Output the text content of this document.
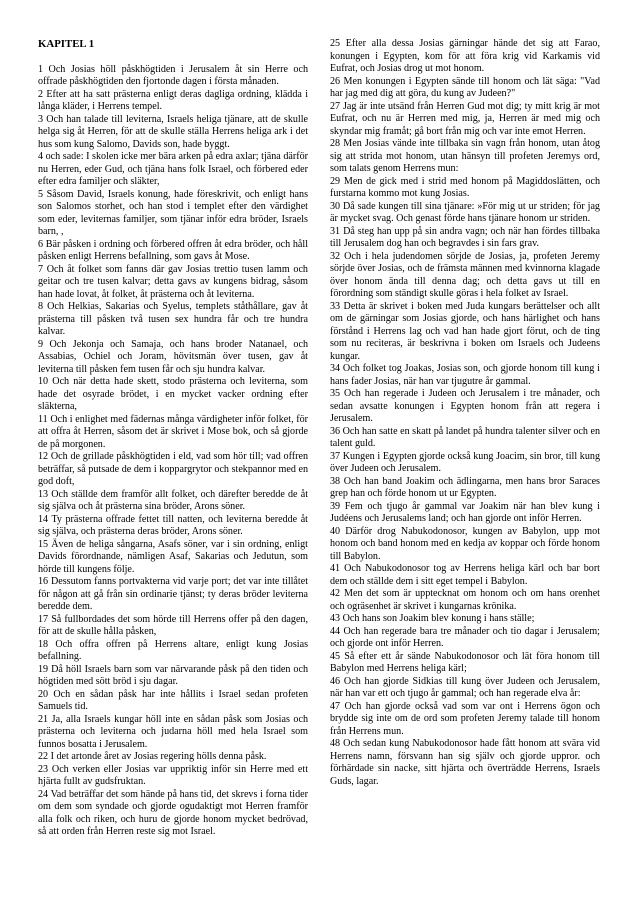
KAPITEL 1

1 Och Josias höll påskhögtiden i Jerusalem åt sin Herre och offrade påskhögtiden den fjortonde dagen i första månaden.

2 Efter att ha satt prästerna enligt deras dagliga ordning, klädda i långa kläder, i Herrens tempel.

3 Och han talade till leviterna, Israels heliga tjänare, att de skulle helga sig åt Herren, för att de skulle ställa Herrens heliga ark i det hus som kung Salomo, Davids son, hade byggt.

4 och sade: I skolen icke mer bära arken på edra axlar; tjäna därför nu Herren, eder Gud, och tjäna hans folk Israel, och förbered eder efter edra familjer och släkter,

5 Såsom David, Israels konung, hade föreskrivit, och enligt hans son Salomos storhet, och han stod i templet efter den värdighet som eder, leviternas familjer, som tjänar inför edra bröder, Israels barn, ,

6 Bär påsken i ordning och förbered offren åt edra bröder, och håll påsken enligt Herrens befallning, som gavs åt Mose.

7 Och åt folket som fanns där gav Josias trettio tusen lamm och geitar och tre tusen kalvar; detta gavs av kungens bidrag, såsom han hade lovat, åt folket, åt prästerna och åt leviterna.

8 Och Helkias, Sakarias och Syelus, templets ståthållare, gav åt prästerna till påsken två tusen sex hundra får och tre hundra kalvar.

9 Och Jekonja och Samaja, och hans broder Natanael, och Assabias, Ochiel och Joram, hövitsmän över tusen, gav åt leviterna till påsken fem tusen får och sju hundra kalvar.

10 Och när detta hade skett, stodo prästerna och leviterna, som hade det osyrade brödet, i en mycket vacker ordning efter släkterna,

11 Och i enlighet med fädernas många värdigheter inför folket, för att offra åt Herren, såsom det är skrivet i Mose bok, och så gjorde de på morgonen.

12 Och de grillade påskhögtiden i eld, vad som hör till; vad offren beträffar, så putsade de dem i koppargrytor och stekpannor med en god doft,

13 Och ställde dem framför allt folket, och därefter beredde de åt sig själva och åt prästerna sina bröder, Arons söner.

14 Ty prästerna offrade fettet till natten, och leviterna beredde åt sig själva, och prästerna deras bröder, Arons söner.

15 Även de heliga sångarna, Asafs söner, var i sin ordning, enligt Davids förordnande, nämligen Asaf, Sakarias och Jedutun, som hörde till kungens följe.

16 Dessutom fanns portvakterna vid varje port; det var inte tillåtet för någon att gå från sin ordinarie tjänst; ty deras bröder leviterna beredde dem.

17 Så fullbordades det som hörde till Herrens offer på den dagen, för att de skulle hålla påsken,

18 Och offra offren på Herrens altare, enligt kung Josias befallning.

19 Då höll Israels barn som var närvarande påsk på den tiden och högtiden med sött bröd i sju dagar.

20 Och en sådan påsk har inte hållits i Israel sedan profeten Samuels tid.

21 Ja, alla Israels kungar höll inte en sådan påsk som Josias och prästerna och leviterna och judarna höll med hela Israel som funnos bosatta i Jerusalem.

22 I det artonde året av Josias regering hölls denna påsk.

23 Och verken eller Josias var uppriktig inför sin Herre med ett hjärta fullt av gudsfruktan.

24 Vad beträffar det som hände på hans tid, det skrevs i forna tider om dem som syndade och gjorde ogudaktigt mot Herren framför alla folk och riken, och huru de gjorde honom mycket bedrövad, så att orden från Herren reste sig mot Israel.

25 Efter alla dessa Josias gärningar hände det sig att Farao, konungen i Egypten, kom för att föra krig vid Karkamis vid Eufrat, och Josias drog ut mot honom.

26 Men konungen i Egypten sände till honom och lät säga: "Vad har jag med dig att göra, du kung av Judeen?"

27 Jag är inte utsänd från Herren Gud mot dig; ty mitt krig är mot Eufrat, och nu är Herren med mig, ja, Herren är med mig och skyndar mig framåt; gå bort från mig och var inte emot Herren.

28 Men Josias vände inte tillbaka sin vagn från honom, utan åtog sig att strida mot honom, utan hänsyn till profeten Jeremys ord, som talats genom Herrens mun:

29 Men de gick med i strid med honom på Magiddoslätten, och furstarna kommo mot kung Josias.

30 Då sade kungen till sina tjänare: »För mig ut ur striden; för jag är mycket svag. Och genast förde hans tjänare honom ur striden.

31 Då steg han upp på sin andra vagn; och när han fördes tillbaka till Jerusalem dog han och begravdes i sin fars grav.

32 Och i hela judendomen sörjde de Josias, ja, profeten Jeremy sörjde över Josias, och de främsta männen med kvinnorna klagade över honom ända till denna dag; och detta gavs ut till en förordning som ständigt skulle göras i hela folket av Israel.

33 Detta är skrivet i boken med Juda kungars berättelser och allt om de gärningar som Josias gjorde, och hans härlighet och hans förstånd i Herrens lag och vad han hade gjort förut, och de ting som nu reciteras, är beskrivna i boken om Israels och Judeens kungar.

34 Och folket tog Joakas, Josias son, och gjorde honom till kung i hans fader Josias, när han var tjugutre år gammal.

35 Och han regerade i Judeen och Jerusalem i tre månader, och sedan avsatte konungen i Egypten honom från att regera i Jerusalem.

36 Och han satte en skatt på landet på hundra talenter silver och en talent guld.

37 Kungen i Egypten gjorde också kung Joacim, sin bror, till kung över Judeen och Jerusalem.

38 Och han band Joakim och ädlingarna, men hans bror Saraces grep han och förde honom ut ur Egypten.

39 Fem och tjugo år gammal var Joakim när han blev kung i Judéens och Jerusalems land; och han gjorde ont inför Herren.

40 Därför drog Nabukodonosor, kungen av Babylon, upp mot honom och band honom med en kedja av koppar och förde honom till Babylon.

41 Och Nabukodonosor tog av Herrens heliga kärl och bar bort dem och ställde dem i sitt eget tempel i Babylon.

42 Men det som är upptecknat om honom och om hans orenhet och ogräsenhet är skrivet i kungarnas krönika.

43 Och hans son Joakim blev konung i hans ställe;

44 Och han regerade bara tre månader och tio dagar i Jerusalem; och gjorde ont inför Herren.

45 Så efter ett år sände Nabukodonosor och lät föra honom till Babylon med Herrens heliga kärl;

46 Och han gjorde Sidkias till kung över Judeen och Jerusalem, när han var ett och tjugo år gammal; och han regerade elva år:

47 Och han gjorde också vad som var ont i Herrens ögon och brydde sig inte om de ord som profeten Jeremy talade till honom från Herrens mun.

48 Och sedan kung Nabukodonosor hade fått honom att svära vid Herrens namn, försvann han sig själv och gjorde uppror. och förhärdade sin nacke, sitt hjärta och överträdde Herrens, Israels Guds, lagar.
